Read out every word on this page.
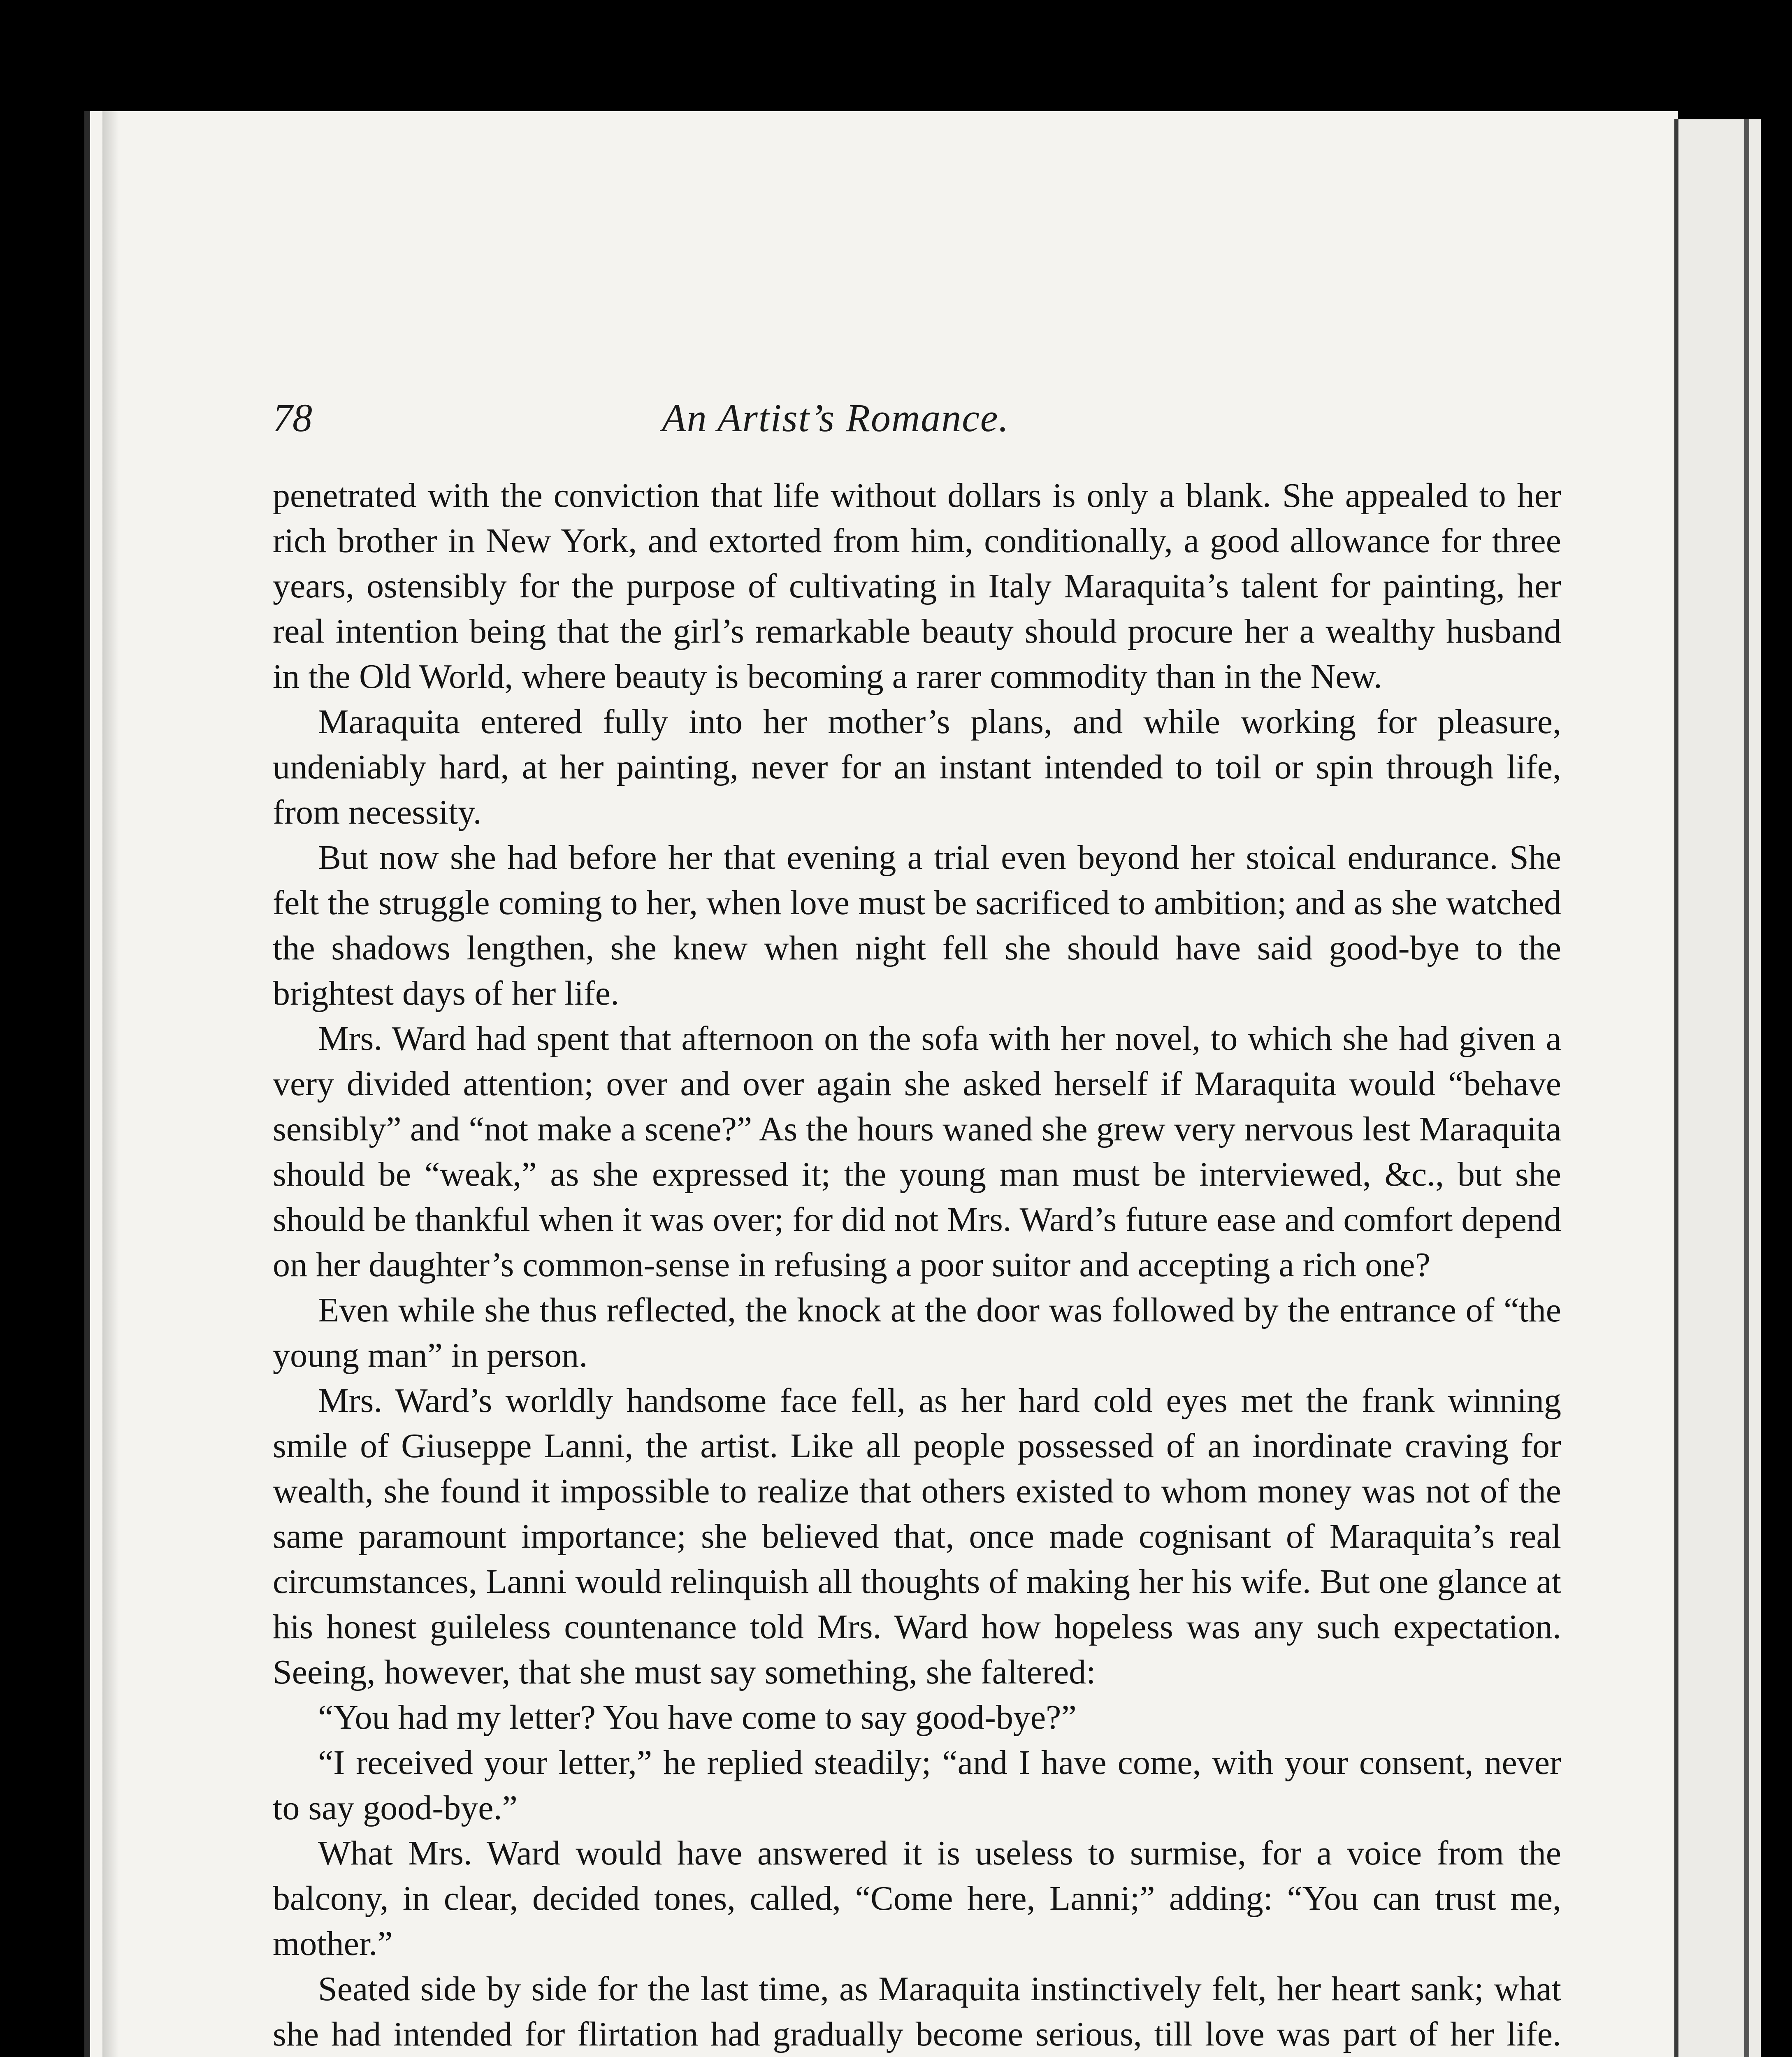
78	An Artist’s Romance.

penetrated with the conviction that life without dollars is only a blank. She appealed to her rich brother in New York, and extorted from him, conditionally, a good allowance for three years, ostensibly for the purpose of cultivating in Italy Maraquita’s talent for painting, her real intention being that the girl’s remarkable beauty should procure her a wealthy husband in the Old World, where beauty is becoming a rarer commodity than in the New.

Maraquita entered fully into her mother’s plans, and while working for pleasure, undeniably hard, at her painting, never for an instant intended to toil or spin through life, from necessity.

But now she had before her that evening a trial even beyond her stoical endurance. She felt the struggle coming to her, when love must be sacrificed to ambition; and as she watched the shadows lengthen, she knew when night fell she should have said good-bye to the brightest days of her life.

Mrs. Ward had spent that afternoon on the sofa with her novel, to which she had given a very divided attention; over and over again she asked herself if Maraquita would “behave sensibly” and “not make a scene?” As the hours waned she grew very nervous lest Maraquita should be “weak,” as she expressed it; the young man must be interviewed, &c., but she should be thankful when it was over; for did not Mrs. Ward’s future ease and comfort depend on her daughter’s common-sense in refusing a poor suitor and accepting a rich one?

Even while she thus reflected, the knock at the door was followed by the entrance of “the young man” in person.

Mrs. Ward’s worldly handsome face fell, as her hard cold eyes met the frank winning smile of Giuseppe Lanni, the artist. Like all people possessed of an inordinate craving for wealth, she found it impossible to realize that others existed to whom money was not of the same paramount importance; she believed that, once made cognisant of Maraquita’s real circumstances, Lanni would relinquish all thoughts of making her his wife. But one glance at his honest guileless countenance told Mrs. Ward how hopeless was any such expectation. Seeing, however, that she must say something, she faltered:

“You had my letter? You have come to say good-bye?”

“I received your letter,” he replied steadily; “and I have come, with your consent, never to say good-bye.”

What Mrs. Ward would have answered it is useless to surmise, for a voice from the balcony, in clear, decided tones, called, “Come here, Lanni;” adding: “You can trust me, mother.”

Seated side by side for the last time, as Maraquita instinctively felt, her heart sank; what she had intended for flirtation had gradually become serious, till love was part of her life.
